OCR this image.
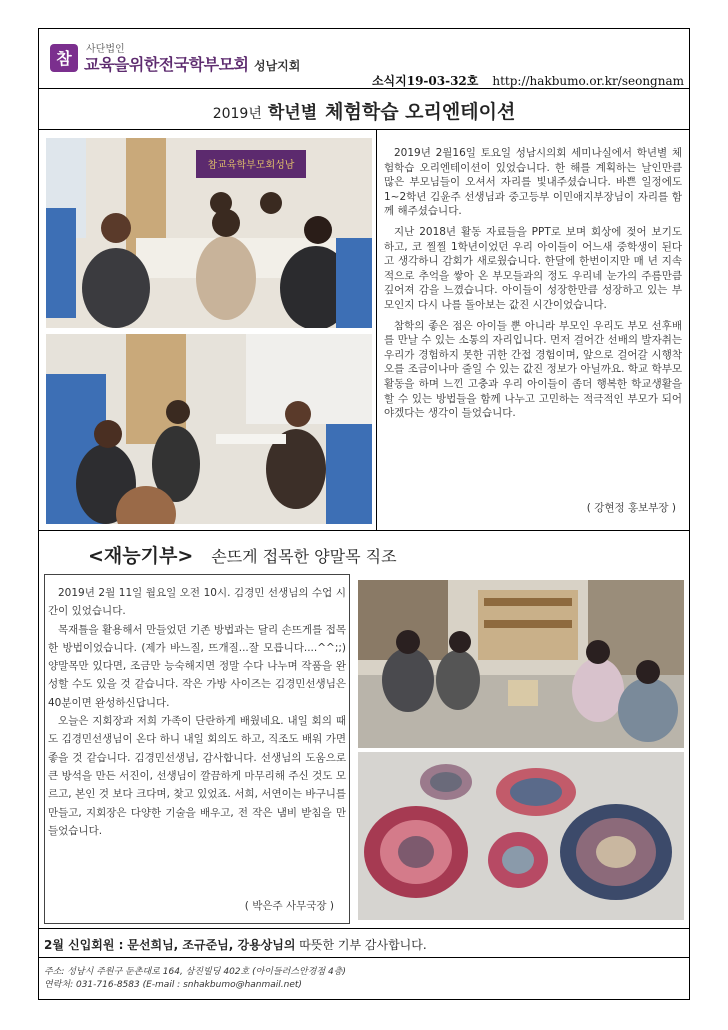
참 사단법인
교육을위한전국학부모회 성남지회
소식지19-03-32호 http://hakbumo.or.kr/seongnam
2019년 학년별 체험학습 오리엔테이션
참교육학부모회성남

2019년 2월16일 토요일 성남시의회 세미나실에서 학년별 체험학습 오리엔테이션이 있었습니다. 한 해를 계획하는 날인만큼 많은 부모님들이 오셔서 자리를 빛내주셨습니다. 바쁜 일정에도 1~2학년 김윤주 선생님과 중고등부 이민애지부장님이 자리를 함께 해주셨습니다.

지난 2018년 활동 자료들을 PPT로 보며 회상에 젖어 보기도 하고, 코 찔찔 1학년이었던 우리 아이들이 어느새 중학생이 된다고 생각하니 감회가 새로웠습니다. 한달에 한번이지만 매 년 지속적으로 추억을 쌓아 온 부모들과의 정도 우리네 눈가의 주름만큼 깊어져 감을 느꼈습니다. 아이들이 성장한만큼 성장하고 있는 부모인지 다시 나를 돌아보는 값진 시간이었습니다.

참학의 좋은 점은 아이들 뿐 아니라 부모인 우리도 부모 선후배를 만날 수 있는 소통의 자리입니다. 먼저 걸어간 선배의 발자취는 우리가 경험하지 못한 귀한 간접 경험이며, 앞으로 걸어갈 시행착오를 조금이나마 줄일 수 있는 값진 정보가 아닐까요. 학교 학부모 활동을 하며 느낀 고충과 우리 아이들이 좀더 행복한 학교생활을 할 수 있는 방법들을 함께 나누고 고민하는 적극적인 부모가 되어야겠다는 생각이 들었습니다.

( 강현정 홍보부장 )
<재능기부> 손뜨게 접목한 양말목 직조

2019년 2월 11일 월요일 오전 10시. 김경민 선생님의 수업 시간이 있었습니다.

목재틀을 활용해서 만들었던 기존 방법과는 달리 손뜨게를 접목한 방법이었습니다. (제가 바느질, 뜨개질...잘 모릅니다....^^;;) 양말목만 있다면, 조금만 능숙해지면 정말 수다 나누며 작품을 완성할 수도 있을 것 같습니다. 작은 가방 사이즈는 김경민선생님은 40분이면 완성하신답니다.

오늘은 지회장과 저희 가족이 단란하게 배웠네요. 내일 회의 때도 김경민선생님이 온다 하니 내일 회의도 하고, 직조도 배워 가면 좋을 것 같습니다. 김경민선생님, 감사합니다. 선생님의 도움으로 큰 방석을 만든 서진이, 선생님이 깔끔하게 마무리해 주신 것도 모르고, 본인 것 보다 크다며, 찾고 있었죠. 서희, 서연이는 바구니를 만들고, 지회장은 다양한 기술을 배우고, 전 작은 냄비 받침을 만들었습니다.

( 박은주 사무국장 )
2월 신입회원 : 문선희님, 조규준님, 강용상님의 따뜻한 기부 감사합니다.
주소: 성남시 주원구 둔촌대로 164, 삼진빌딩 402호 (아이들러스안경점 4층)
연락처: 031-716-8583 (E-mail : snhakbumo@hanmail.net)
